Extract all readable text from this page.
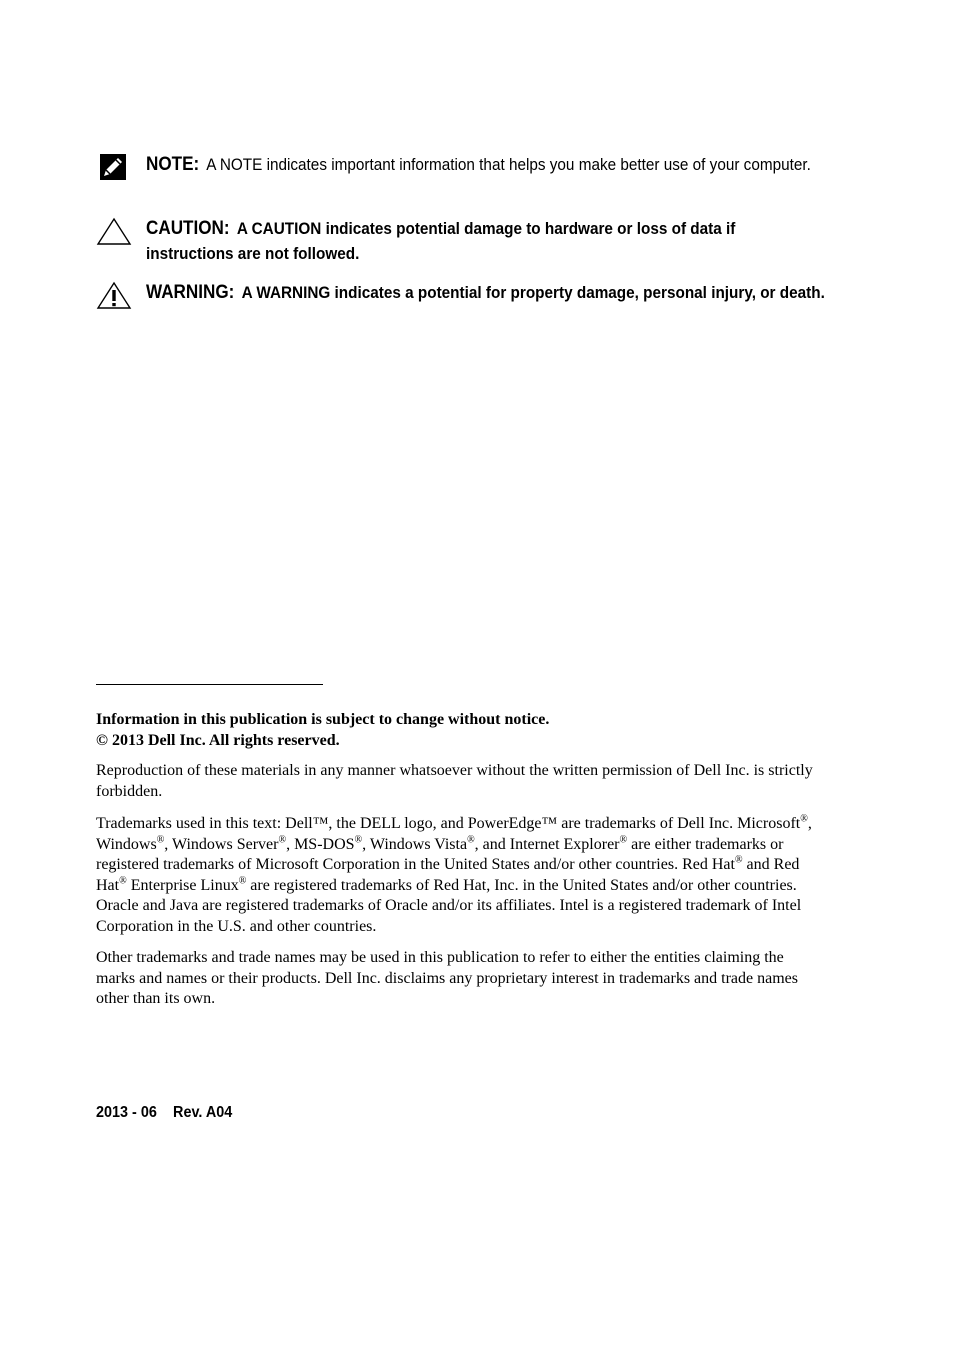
NOTE: A NOTE indicates important information that helps you make better use of your computer.
CAUTION: A CAUTION indicates potential damage to hardware or loss of data if instructions are not followed.
WARNING: A WARNING indicates a potential for property damage, personal injury, or death.

Information in this publication is subject to change without notice.
© 2013 Dell Inc. All rights reserved.

Reproduction of these materials in any manner whatsoever without the written permission of Dell Inc. is strictly forbidden.

Trademarks used in this text: Dell™, the DELL logo, and PowerEdge™ are trademarks of Dell Inc. Microsoft®, Windows®, Windows Server®, MS-DOS®, Windows Vista®, and Internet Explorer® are either trademarks or registered trademarks of Microsoft Corporation in the United States and/or other countries. Red Hat® and Red Hat® Enterprise Linux® are registered trademarks of Red Hat, Inc. in the United States and/or other countries. Oracle and Java are registered trademarks of Oracle and/or its affiliates. Intel is a registered trademark of Intel Corporation in the U.S. and other countries.

Other trademarks and trade names may be used in this publication to refer to either the entities claiming the marks and names or their products. Dell Inc. disclaims any proprietary interest in trademarks and trade names other than its own.

2013 - 06 Rev. A04
